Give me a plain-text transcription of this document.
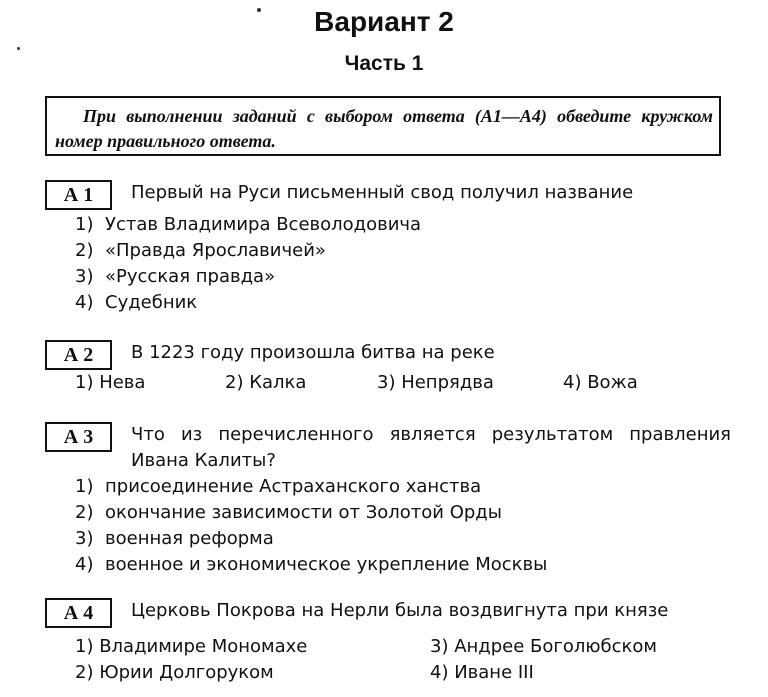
Вариант 2
Часть 1
При выполнении заданий с выбором ответа (А1—А4) обведите кружком номер правильного ответа.
А 1	Первый на Руси письменный свод получил название
1) Устав Владимира Всеволодовича
2) «Правда Ярославичей»
3) «Русская правда»
4) Судебник
А 2	В 1223 году произошла битва на реке
1) Нева	2) Калка	3) Непрядва	4) Вожа
А 3	Что из перечисленного является результатом правления Ивана Калиты?
1) присоединение Астраханского ханства
2) окончание зависимости от Золотой Орды
3) военная реформа
4) военное и экономическое укрепление Москвы
А 4	Церковь Покрова на Нерли была воздвигнута при князе
1) Владимире Мономахе	3) Андрее Боголюбском
2) Юрии Долгоруком	4) Иване III
